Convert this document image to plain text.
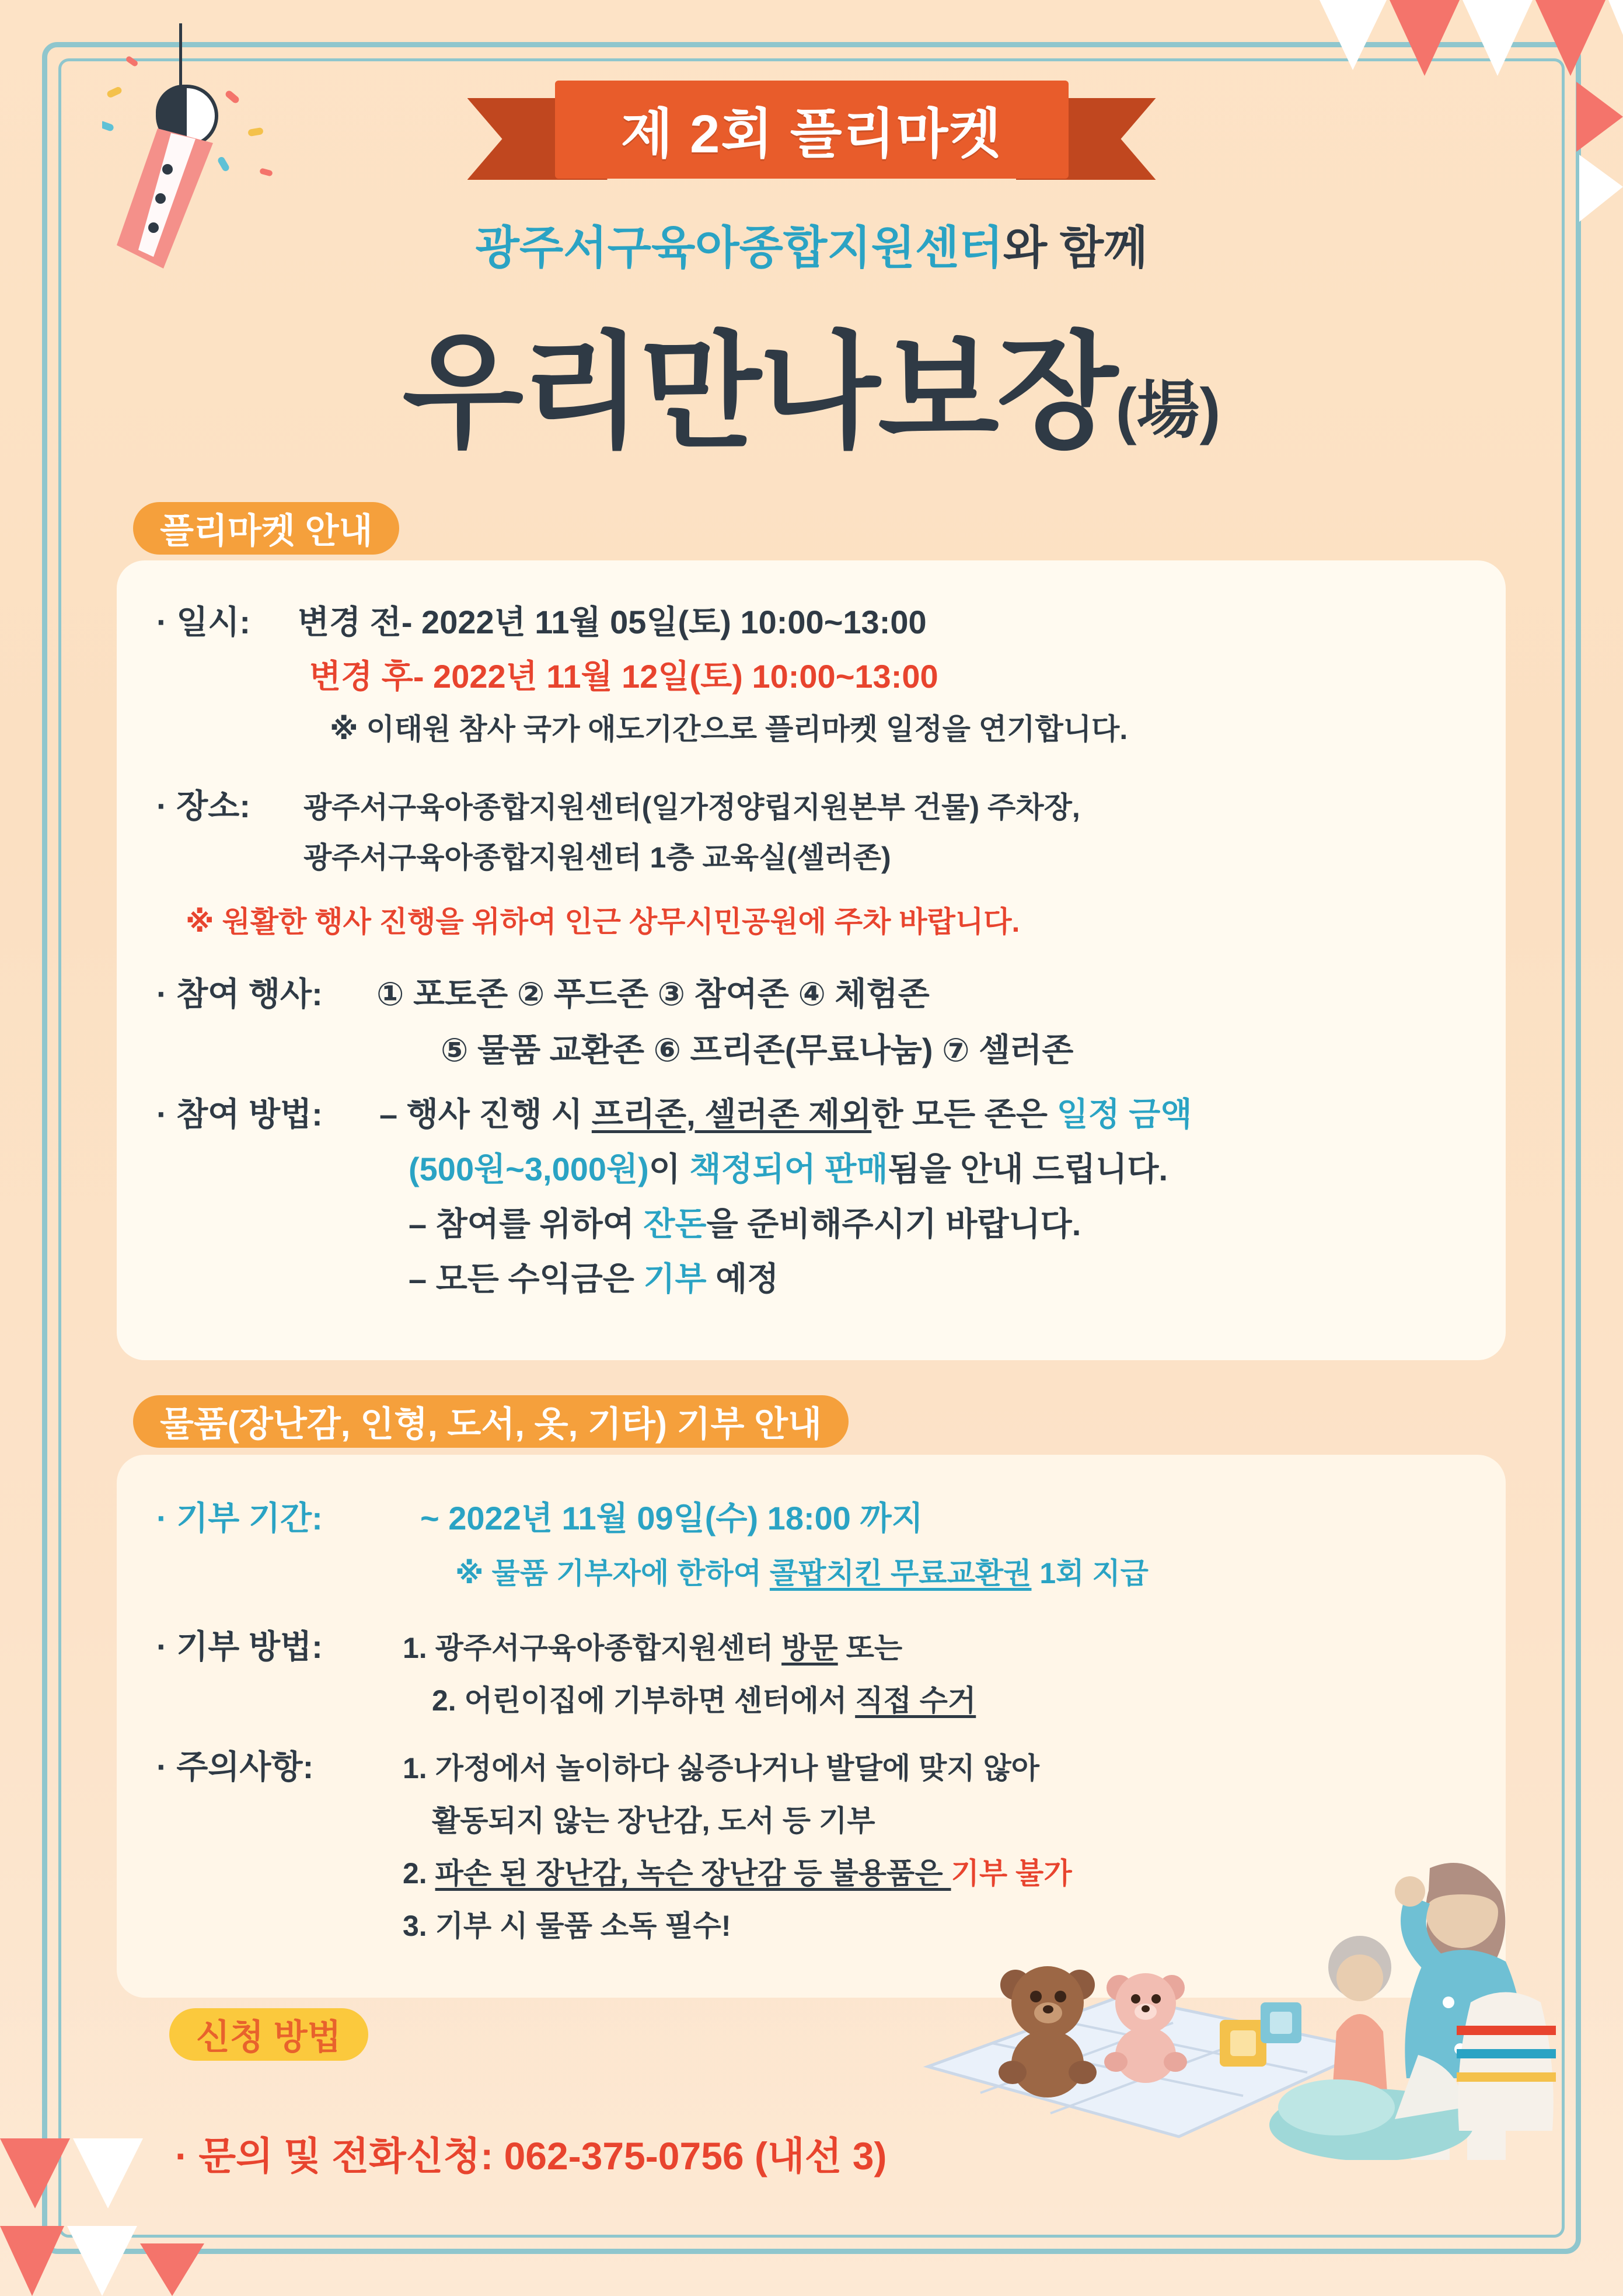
제 2회 플리마켓
광주서구육아종합지원센터와 함께
우리만나보장(場)
플리마켓 안내
· 일시: 변경 전- 2022년 11월 05일(토) 10:00~13:00
변경 후- 2022년 11월 12일(토) 10:00~13:00
※ 이태원 참사 국가 애도기간으로 플리마켓 일정을 연기합니다.
· 장소: 광주서구육아종합지원센터(일가정양립지원본부 건물) 주차장,
광주서구육아종합지원센터 1층 교육실(셀러존)
※ 원활한 행사 진행을 위하여 인근 상무시민공원에 주차 바랍니다.
· 참여 행사: ① 포토존 ② 푸드존 ③ 참여존 ④ 체험존
⑤ 물품 교환존 ⑥ 프리존(무료나눔) ⑦ 셀러존
· 참여 방법: – 행사 진행 시 프리존, 셀러존 제외한 모든 존은 일정 금액
(500원~3,000원)이 책정되어 판매됨을 안내 드립니다.
– 참여를 위하여 잔돈을 준비해주시기 바랍니다.
– 모든 수익금은 기부 예정
물품(장난감, 인형, 도서, 옷, 기타) 기부 안내
· 기부 기간:	~ 2022년 11월 09일(수) 18:00 까지
※ 물품 기부자에 한하여 콜팝치킨 무료교환권 1회 지급
· 기부 방법:	1. 광주서구육아종합지원센터 방문 또는
2. 어린이집에 기부하면 센터에서 직접 수거
· 주의사항:	1. 가정에서 놀이하다 싫증나거나 발달에 맞지 않아
활동되지 않는 장난감, 도서 등 기부
2. 파손 된 장난감, 녹슨 장난감 등 불용품은 기부 불가
3. 기부 시 물품 소독 필수!
신청 방법
· 문의 및 전화신청: 062-375-0756 (내선 3)
